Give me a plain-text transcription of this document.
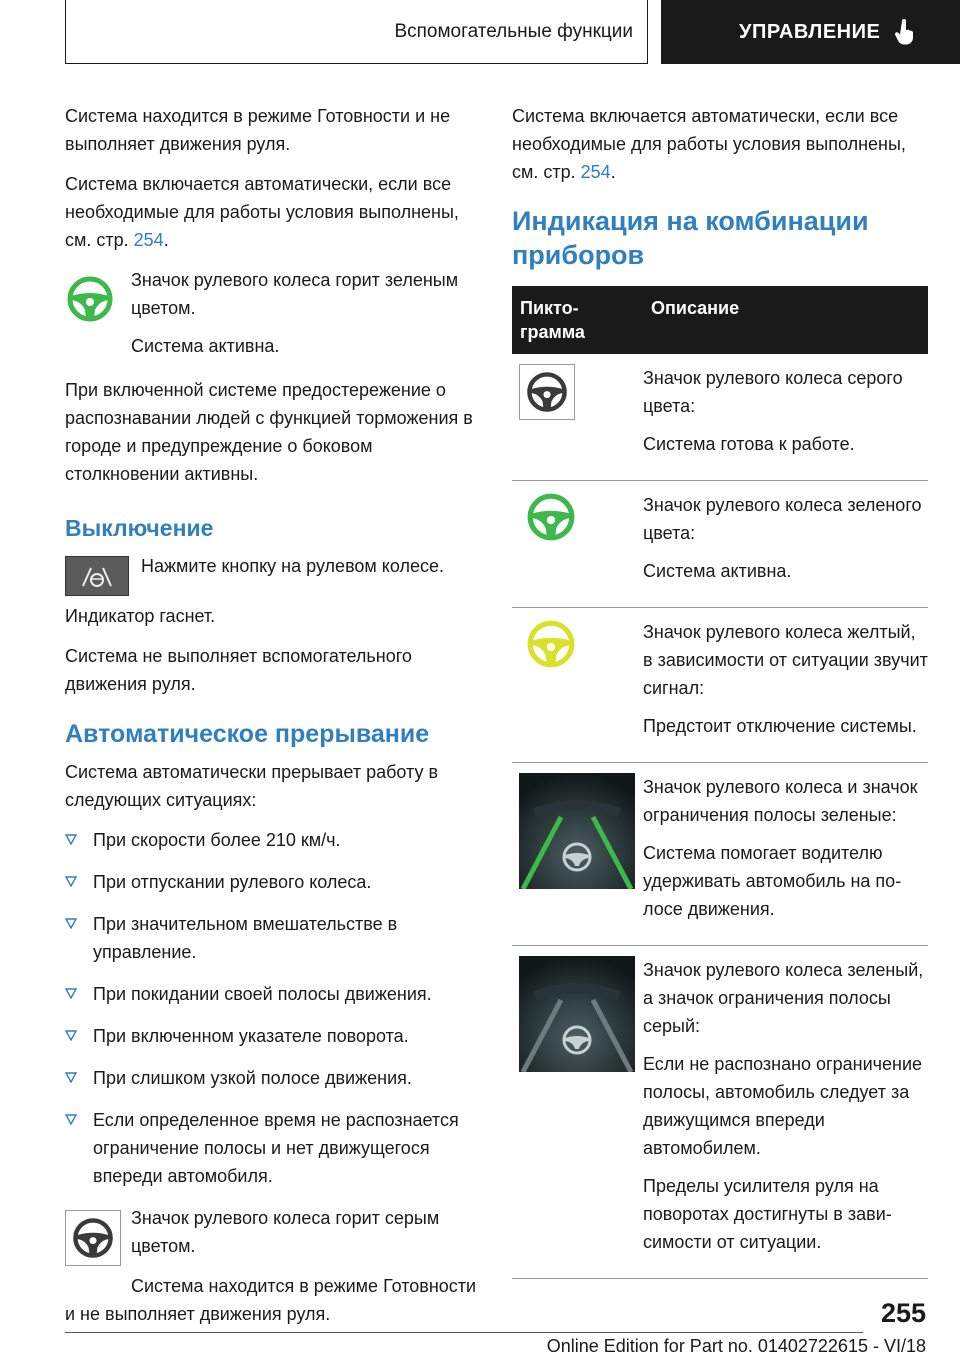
Вспомогательные функции	УПРАВЛЕНИЕ

Система находится в режиме Готовности и не выполняет движения руля.

Система включается автоматически, если все необходимые для работы условия выполнены, см. стр. 254.

Значок рулевого колеса горит зеленым цветом.

Система активна.

При включенной системе предостережение о распознавании людей с функцией торможения в городе и предупреждение о боковом столкновении активны.

Выключение

Нажмите кнопку на рулевом колесе.

Индикатор гаснет.

Система не выполняет вспомогательного движения руля.

Автоматическое прерывание

Система автоматически прерывает работу в следующих ситуациях:

При скорости более 210 км/ч.
При отпускании рулевого колеса.
При значительном вмешательстве в управление.
При покидании своей полосы движения.
При включенном указателе поворота.
При слишком узкой полосе движения.
Если определенное время не распознается ограничение полосы и нет движущегося впереди автомобиля.

Значок рулевого колеса горит серым цветом.

Система находится в режиме Готовности и не выполняет движения руля.

Система включается автоматически, если все необходимые для работы условия выполнены, см. стр. 254.

Индикация на комбинации приборов
Пиктограмма	Описание

Значок рулевого колеса серого цвета:

Система готова к работе.

Значок рулевого колеса зеленого цвета:

Система активна.

Значок рулевого колеса желтый, в зависимости от ситуации звучит сигнал:

Предстоит отключение системы.

Значок рулевого колеса и значок ограничения полосы зеленые:

Система помогает водителю удерживать автомобиль на полосе движения.

Значок рулевого колеса зеленый, а значок ограничения полосы серый:

Если не распознано ограничение полосы, автомобиль следует за движущимся впереди автомобилем.

Пределы усилителя руля на поворотах достигнуты в зависимости от ситуации.

255
Online Edition for Part no. 01402722615 - VI/18
